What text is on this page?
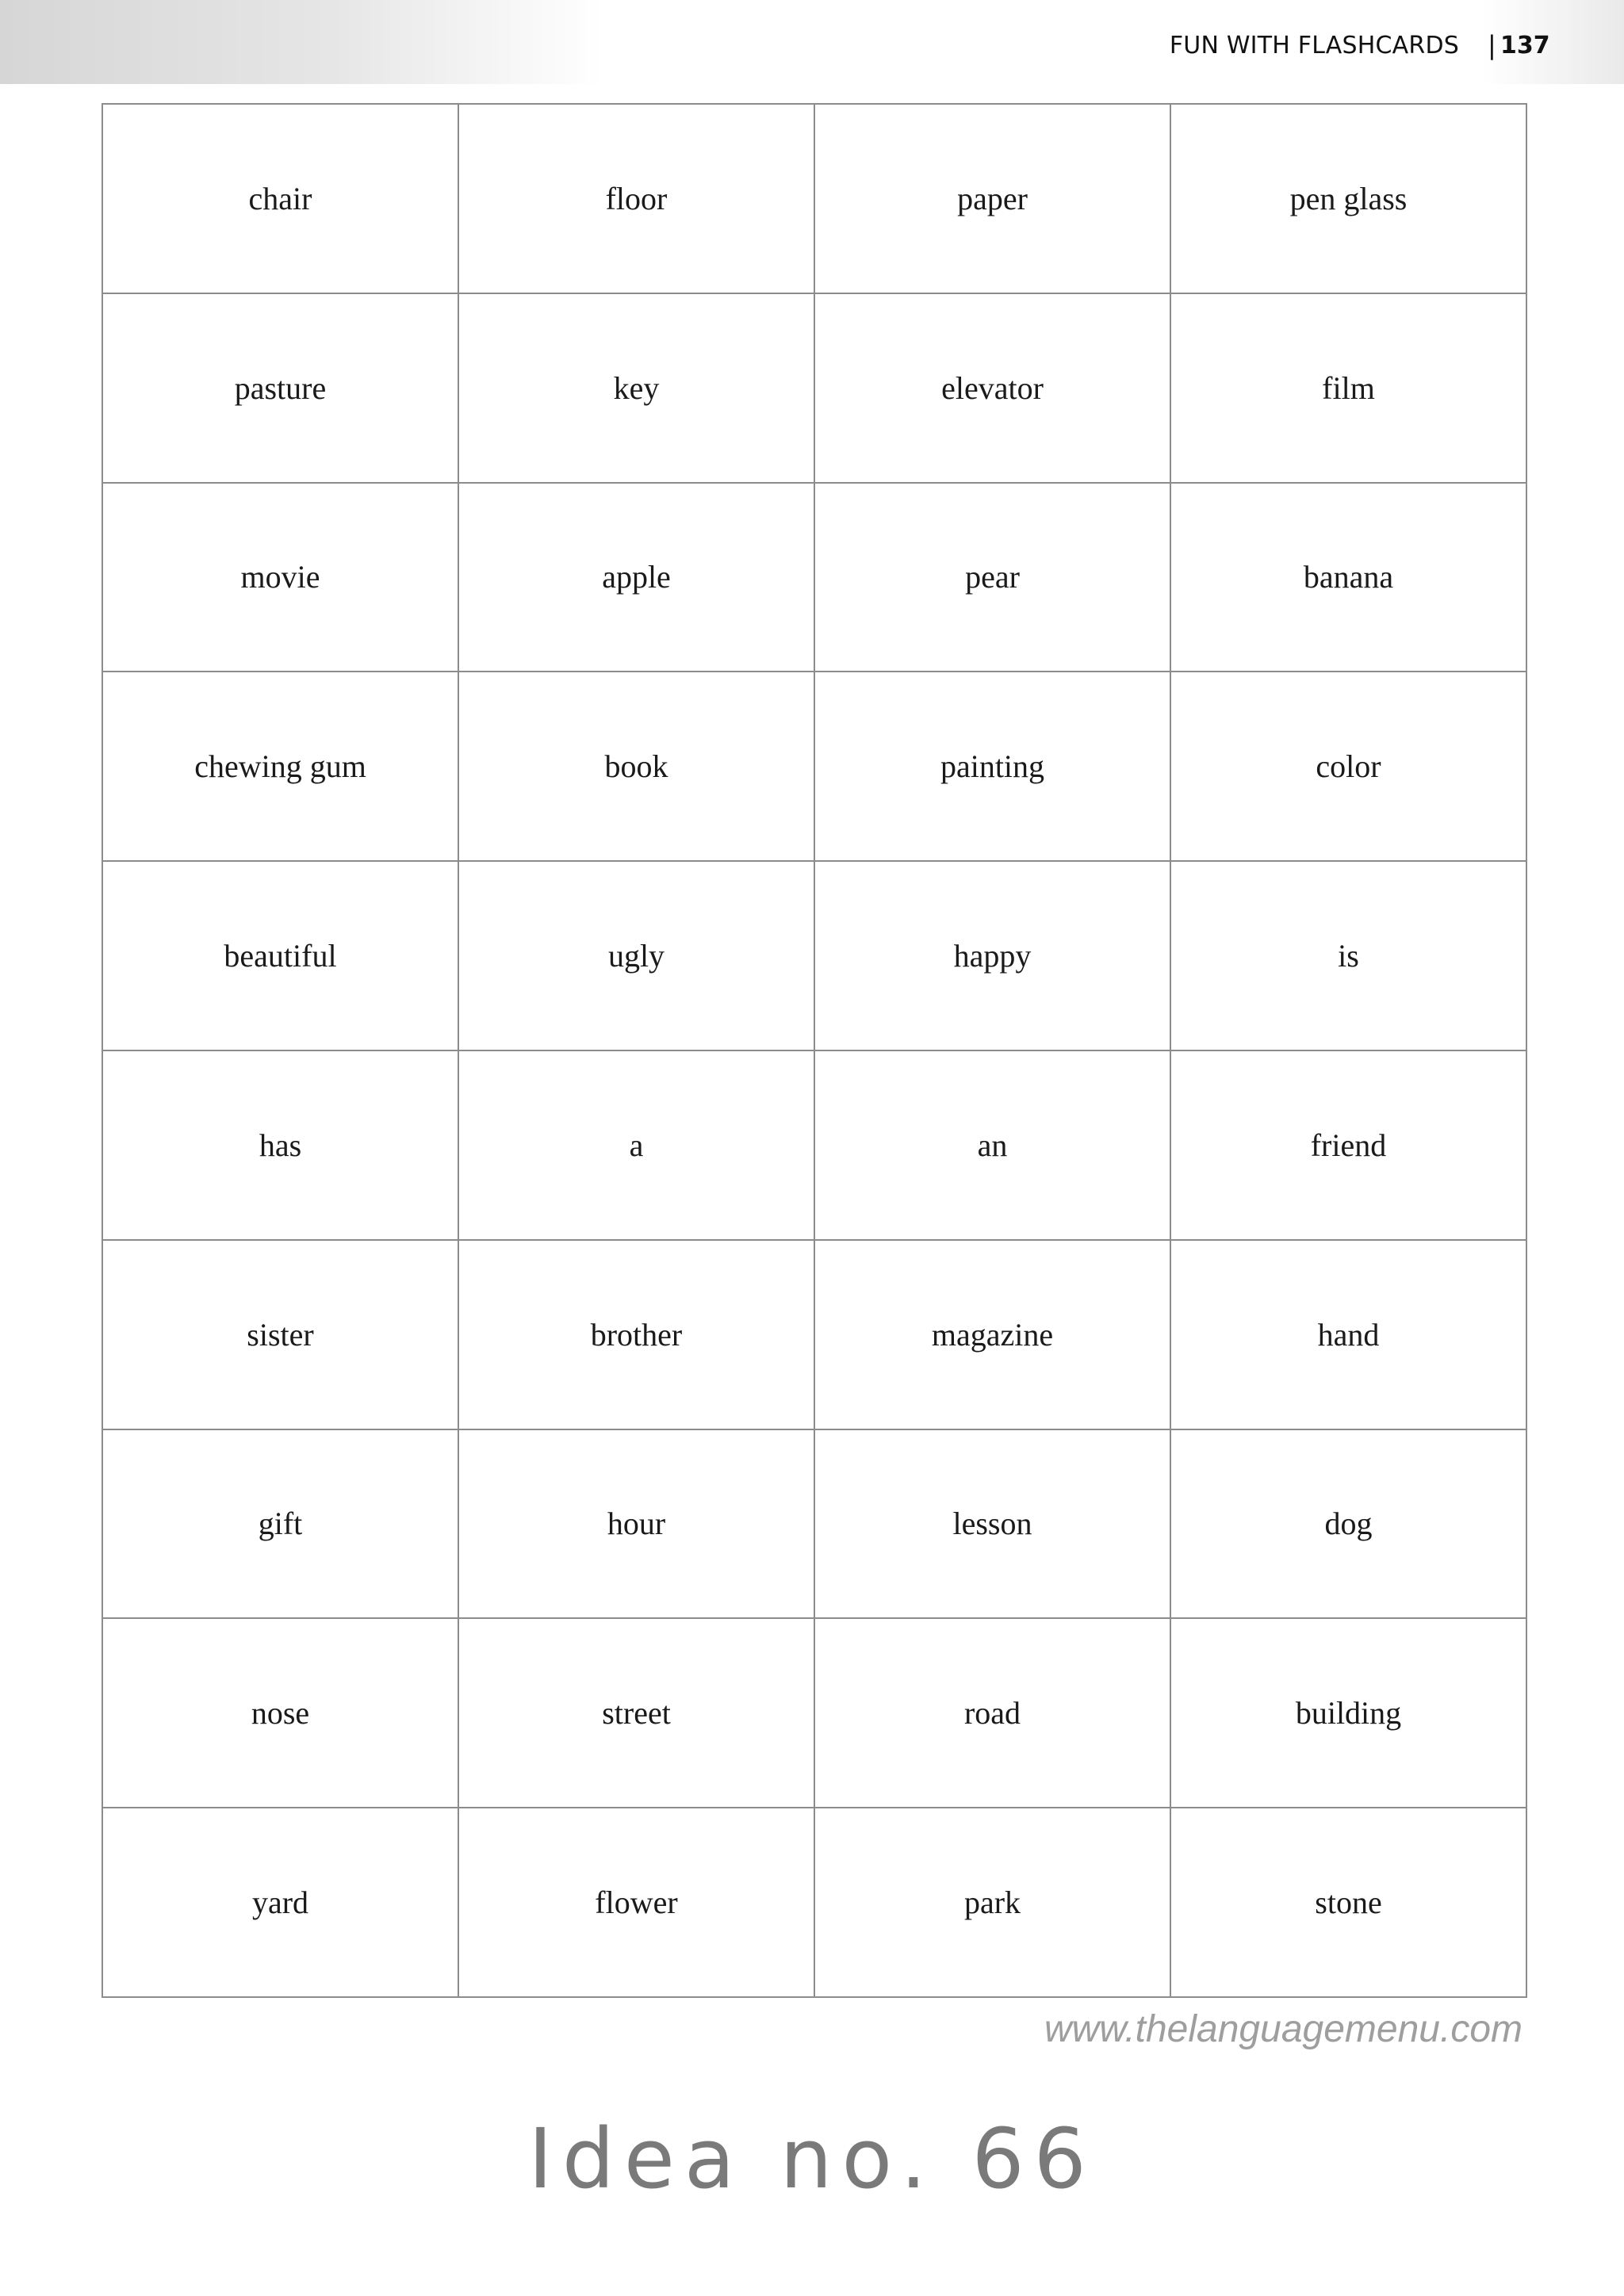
FUN WITH FLASHCARDS | 137
chair	floor	paper	pen glass
pasture	key	elevator	film
movie	apple	pear	banana
chewing gum	book	painting	color
beautiful	ugly	happy	is
has	a	an	friend
sister	brother	magazine	hand
gift	hour	lesson	dog
nose	street	road	building
yard	flower	park	stone
www.thelanguagemenu.com
Idea no. 66
